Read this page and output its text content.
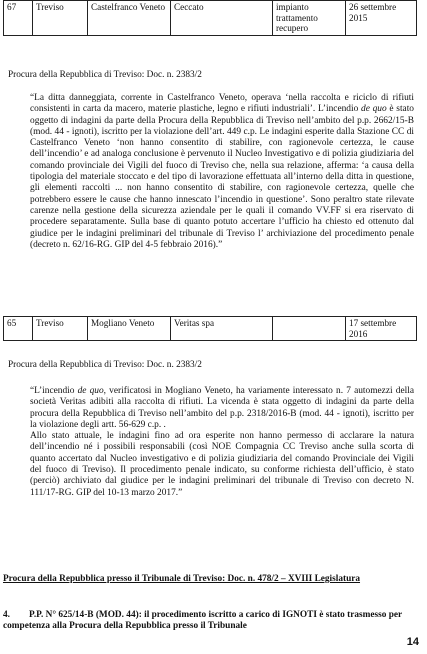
67	Treviso	Castelfranco Veneto	Ceccato	impianto trattamento recupero	26 settembre 2015
Procura della Repubblica di Treviso: Doc. n. 2383/2

“La ditta danneggiata, corrente in Castelfranco Veneto, operava ‘nella raccolta e riciclo di rifiuti consistenti in carta da macero, materie plastiche, legno e rifiuti industriali’. L’incendio de quo è stato oggetto di indagini da parte della Procura della Repubblica di Treviso nell’ambito del p.p. 2662/15-B (mod. 44 - ignoti), iscritto per la violazione dell’art. 449 c.p. Le indagini esperite dalla Stazione CC di Castelfranco Veneto ‘non hanno consentito di stabilire, con ragionevole certezza, le cause dell’incendio’ e ad analoga conclusione è pervenuto il Nucleo Investigativo e di polizia giudiziaria del comando provinciale dei Vigili del fuoco di Treviso che, nella sua relazione, afferma: ‘a causa della tipologia del materiale stoccato e del tipo di lavorazione effettuata all’interno della ditta in questione, gli elementi raccolti ... non hanno consentito di stabilire, con ragionevole certezza, quelle che potrebbero essere le cause che hanno innescato l’incendio in questione’. Sono peraltro state rilevate carenze nella gestione della sicurezza aziendale per le quali il comando VV.FF si era riservato di procedere separatamente. Sulla base di quanto potuto accertare l’ufficio ha chiesto ed ottenuto dal giudice per le indagini preliminari del tribunale di Treviso l’ archiviazione del procedimento penale (decreto n. 62/16-RG. GIP del 4-5 febbraio 2016).”

65	Treviso	Mogliano Veneto	Veritas spa		17 settembre 2016
Procura della Repubblica di Treviso: Doc. n. 2383/2

“L’incendio de quo, verificatosi in Mogliano Veneto, ha variamente interessato n. 7 automezzi della società Veritas adibiti alla raccolta di rifiuti. La vicenda è stata oggetto di indagini da parte della procura della Repubblica di Treviso nell’ambito del p.p. 2318/2016-B (mod. 44 - ignoti), iscritto per la violazione degli artt. 56-629 c.p. .

Allo stato attuale, le indagini fino ad ora esperite non hanno permesso di acclarare la natura dell’incendio né i possibili responsabili (così NOE Compagnia CC Treviso anche sulla scorta di quanto accertato dal Nucleo investigativo e di polizia giudiziaria del comando Provinciale dei Vigili del fuoco di Treviso). Il procedimento penale indicato, su conforme richiesta dell’ufficio, è stato (perciò) archiviato dal giudice per le indagini preliminari del tribunale di Treviso con decreto N. 111/17-RG. GIP del 10-13 marzo 2017.”

Procura della Repubblica presso il Tribunale di Treviso: Doc. n. 478/2 – XVIII Legislatura
4. P.P. N° 625/14-B (MOD. 44): il procedimento iscritto a carico di IGNOTI è stato trasmesso per competenza alla Procura della Repubblica presso il Tribunale
14
